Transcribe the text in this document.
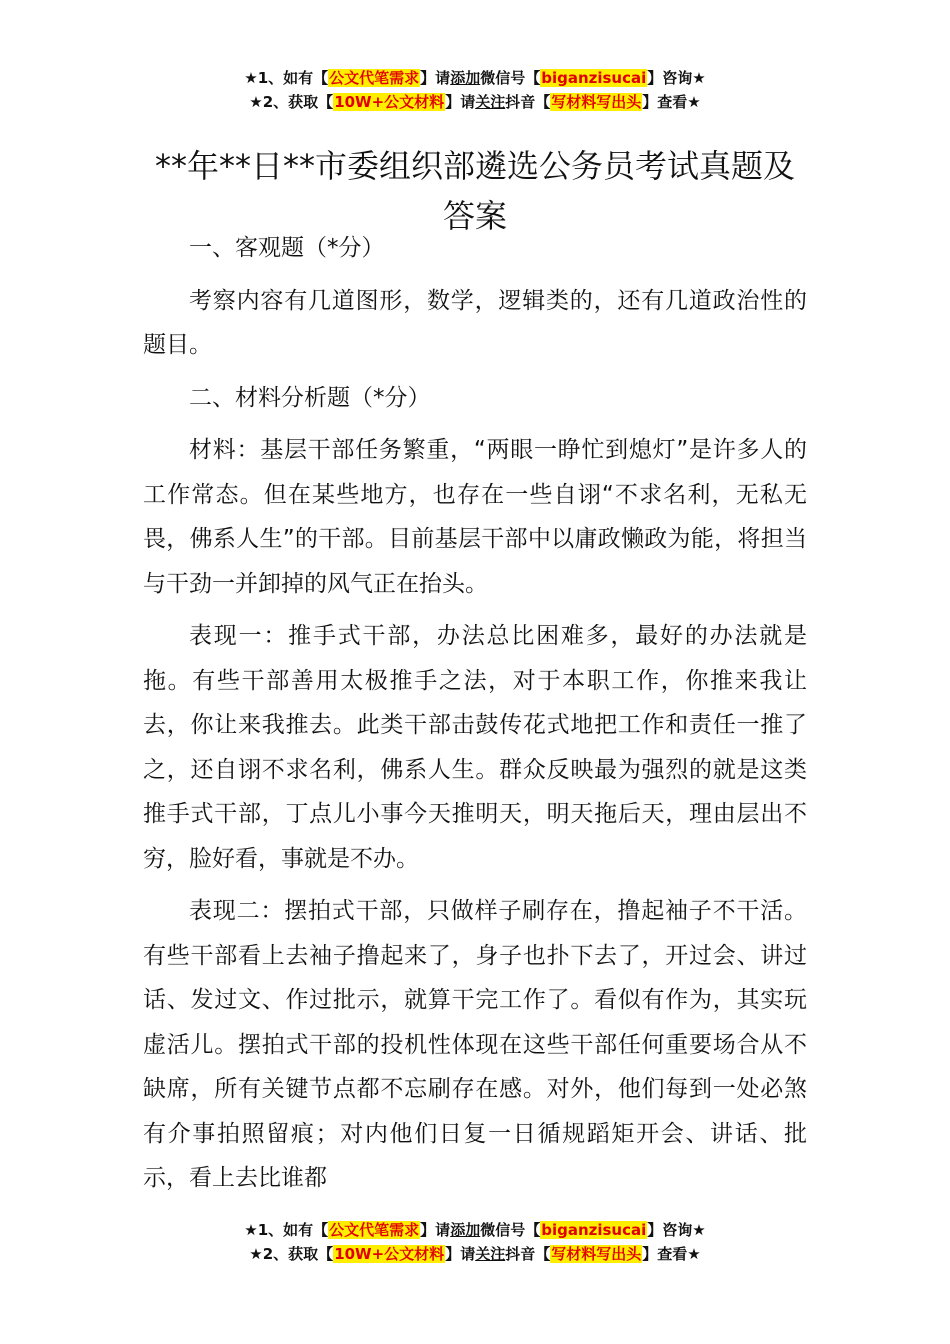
★1、如有【公文代笔需求】请添加微信号【biganzisucai】咨询★
★2、获取【10W+公文材料】请关注抖音【写材料写出头】查看★
**年**日**市委组织部遴选公务员考试真题及答案

一、客观题（*分）

考察内容有几道图形，数学，逻辑类的，还有几道政治性的题目。

二、材料分析题（*分）

材料：基层干部任务繁重，“两眼一睁忙到熄灯”是许多人的工作常态。但在某些地方，也存在一些自诩“不求名利，无私无畏，佛系人生”的干部。目前基层干部中以庸政懒政为能，将担当与干劲一并卸掉的风气正在抬头。

表现一：推手式干部，办法总比困难多，最好的办法就是拖。有些干部善用太极推手之法，对于本职工作，你推来我让去，你让来我推去。此类干部击鼓传花式地把工作和责任一推了之，还自诩不求名利，佛系人生。群众反映最为强烈的就是这类推手式干部，丁点儿小事今天推明天，明天拖后天，理由层出不穷，脸好看，事就是不办。

表现二：摆拍式干部，只做样子刷存在，撸起袖子不干活。有些干部看上去袖子撸起来了，身子也扑下去了，开过会、讲过话、发过文、作过批示，就算干完工作了。看似有作为，其实玩虚活儿。摆拍式干部的投机性体现在这些干部任何重要场合从不缺席，所有关键节点都不忘刷存在感。对外，他们每到一处必煞有介事拍照留痕；对内他们日复一日循规蹈矩开会、讲话、批示，看上去比谁都

★1、如有【公文代笔需求】请添加微信号【biganzisucai】咨询★
★2、获取【10W+公文材料】请关注抖音【写材料写出头】查看★
